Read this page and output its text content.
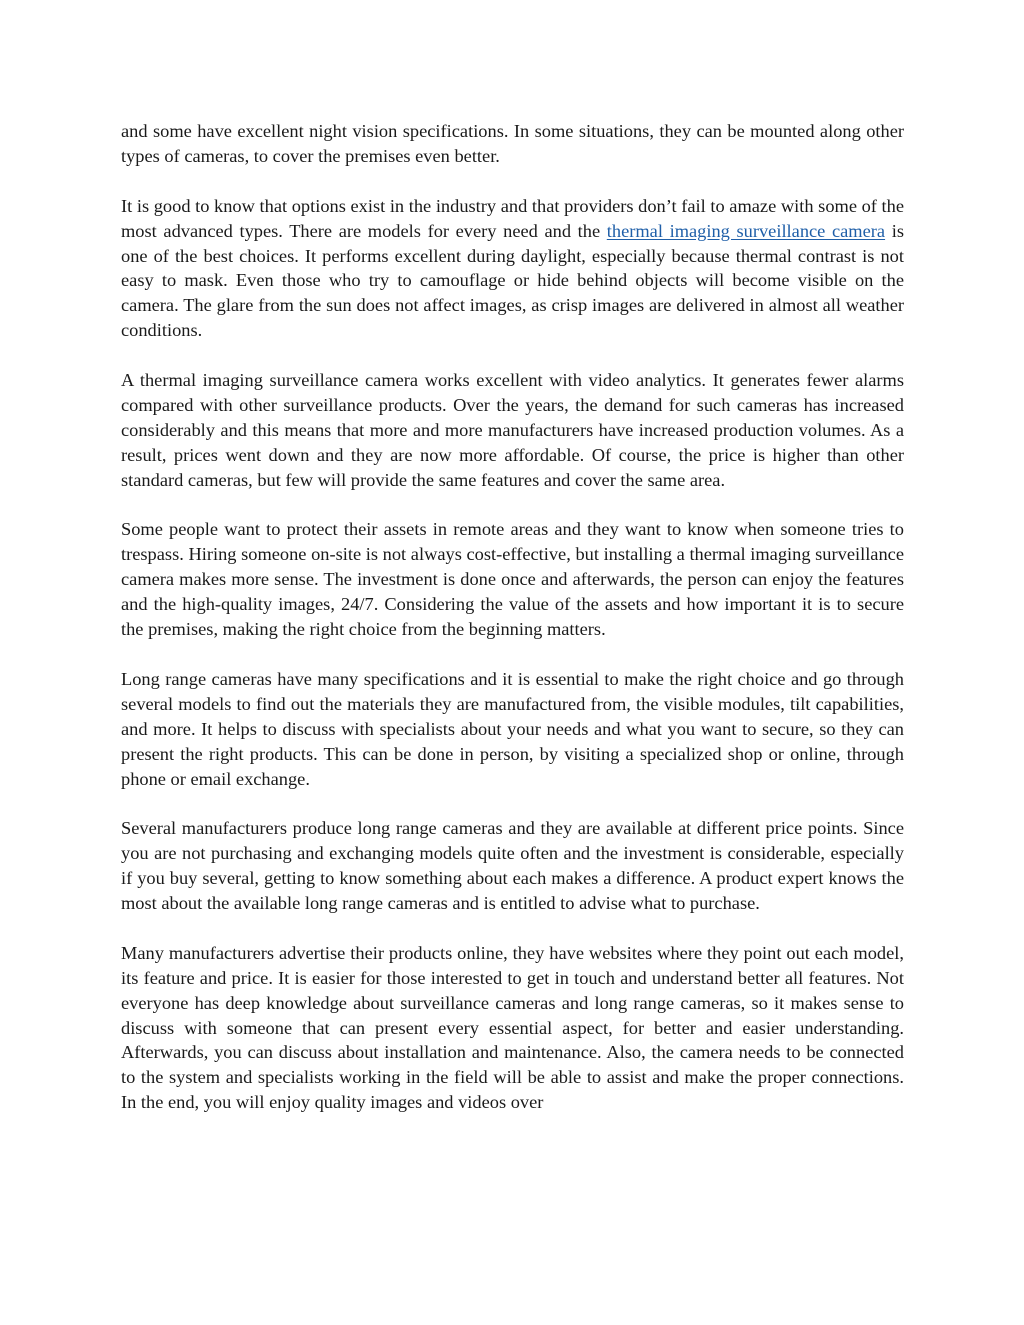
and some have excellent night vision specifications. In some situations, they can be mounted along other types of cameras, to cover the premises even better.

It is good to know that options exist in the industry and that providers don’t fail to amaze with some of the most advanced types. There are models for every need and the thermal imaging surveillance camera is one of the best choices. It performs excellent during daylight, especially because thermal contrast is not easy to mask. Even those who try to camouflage or hide behind objects will become visible on the camera. The glare from the sun does not affect images, as crisp images are delivered in almost all weather conditions.

A thermal imaging surveillance camera works excellent with video analytics. It generates fewer alarms compared with other surveillance products. Over the years, the demand for such cameras has increased considerably and this means that more and more manufacturers have increased production volumes. As a result, prices went down and they are now more affordable. Of course, the price is higher than other standard cameras, but few will provide the same features and cover the same area.

Some people want to protect their assets in remote areas and they want to know when someone tries to trespass. Hiring someone on-site is not always cost-effective, but installing a thermal imaging surveillance camera makes more sense. The investment is done once and afterwards, the person can enjoy the features and the high-quality images, 24/7. Considering the value of the assets and how important it is to secure the premises, making the right choice from the beginning matters.

Long range cameras have many specifications and it is essential to make the right choice and go through several models to find out the materials they are manufactured from, the visible modules, tilt capabilities, and more. It helps to discuss with specialists about your needs and what you want to secure, so they can present the right products. This can be done in person, by visiting a specialized shop or online, through phone or email exchange.

Several manufacturers produce long range cameras and they are available at different price points. Since you are not purchasing and exchanging models quite often and the investment is considerable, especially if you buy several, getting to know something about each makes a difference. A product expert knows the most about the available long range cameras and is entitled to advise what to purchase.

Many manufacturers advertise their products online, they have websites where they point out each model, its feature and price. It is easier for those interested to get in touch and understand better all features. Not everyone has deep knowledge about surveillance cameras and long range cameras, so it makes sense to discuss with someone that can present every essential aspect, for better and easier understanding. Afterwards, you can discuss about installation and maintenance. Also, the camera needs to be connected to the system and specialists working in the field will be able to assist and make the proper connections. In the end, you will enjoy quality images and videos over
